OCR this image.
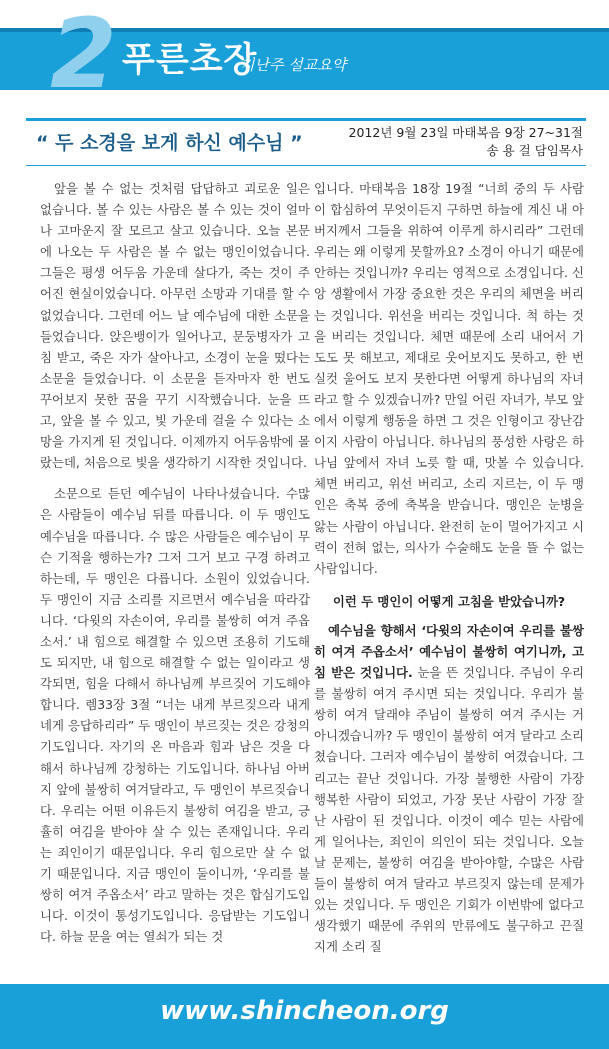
2 푸른초장
지난주 설교요약
“ 두 소경을 보게 하신 예수님 ”	2012년 9월 23일 마태복음 9장 27~31절
송 용 걸 담임목사

앞을 볼 수 없는 것처럼 답답하고 괴로운 일은 없습니다. 볼 수 있는 사람은 볼 수 있는 것이 얼마나 고마운지 잘 모르고 살고 있습니다. 오늘 본문에 나오는 두 사람은 볼 수 없는 맹인이었습니다. 그들은 평생 어두움 가운데 살다가, 죽는 것이 주어진 현실이었습니다. 아무런 소망과 기대를 할 수 없었습니다. 그런데 어느 날 예수님에 대한 소문을 들었습니다. 앉은뱅이가 일어나고, 문둥병자가 고침 받고, 죽은 자가 살아나고, 소경이 눈을 떴다는 소문을 들었습니다. 이 소문을 듣자마자 한 번도 꾸어보지 못한 꿈을 꾸기 시작했습니다. 눈을 뜨고, 앞을 볼 수 있고, 빛 가운데 걸을 수 있다는 소망을 가지게 된 것입니다. 이제까지 어두움밖에 몰랐는데, 처음으로 빛을 생각하기 시작한 것입니다.

소문으로 듣던 예수님이 나타나셨습니다. 수많은 사람들이 예수님 뒤를 따릅니다. 이 두 맹인도 예수님을 따릅니다. 수 많은 사람들은 예수님이 무슨 기적을 행하는가? 그저 그거 보고 구경 하려고 하는데, 두 맹인은 다릅니다. 소원이 있었습니다. 두 맹인이 지금 소리를 지르면서 예수님을 따라갑니다. ‘다윗의 자손이여, 우리를 불쌍히 여겨 주옵소서.’ 내 힘으로 해결할 수 있으면 조용히 기도해도 되지만, 내 힘으로 해결할 수 없는 일이라고 생각되면, 힘을 다해서 하나님께 부르짖어 기도해야 합니다. 렘33장 3절 “너는 내게 부르짖으라 내게 네게 응답하리라” 두 맹인이 부르짖는 것은 강청의 기도입니다. 자기의 온 마음과 힘과 남은 것을 다해서 하나님께 강청하는 기도입니다. 하나님 아버지 앞에 불쌍히 여겨달라고, 두 맹인이 부르짖습니다. 우리는 어떤 이유든지 불쌍히 여김을 받고, 긍휼히 여김을 받아야 살 수 있는 존재입니다. 우리는 죄인이기 때문입니다. 우리 힘으로만 살 수 없기 때문입니다. 지금 맹인이 둘이니까, ‘우리를 불쌍히 여겨 주옵소서’ 라고 말하는 것은 합심기도입니다. 이것이 통성기도입니다. 응답받는 기도입니다. 하늘 문을 여는 열쇠가 되는 것

입니다. 마태복음 18장 19절 “너희 중의 두 사람이 합심하여 무엇이든지 구하면 하늘에 계신 내 아버지께서 그들을 위하여 이루게 하시리라” 그런데 우리는 왜 이렇게 못할까요? 소경이 아니기 때문에 안하는 것입니까? 우리는 영적으로 소경입니다. 신앙 생활에서 가장 중요한 것은 우리의 체면을 버리는 것입니다. 위선을 버리는 것입니다. 척 하는 것을 버리는 것입니다. 체면 때문에 소리 내어서 기도도 못 해보고, 제대로 웃어보지도 못하고, 한 번 실컷 울어도 보지 못한다면 어떻게 하나님의 자녀라고 할 수 있겠습니까? 만일 어린 자녀가, 부모 앞에서 이렇게 행동을 하면 그 것은 인형이고 장난감이지 사람이 아닙니다. 하나님의 풍성한 사랑은 하나님 앞에서 자녀 노릇 할 때, 맛볼 수 있습니다. 체면 버리고, 위선 버리고, 소리 지르는, 이 두 맹인은 축복 중에 축복을 받습니다. 맹인은 눈병을 앓는 사람이 아닙니다. 완전히 눈이 멀어가지고 시력이 전혀 없는, 의사가 수술해도 눈을 뜰 수 없는 사람입니다.

이런 두 맹인이 어떻게 고침을 받았습니까?

예수님을 향해서 ‘다윗의 자손이여 우리를 불쌍히 여겨 주옵소서’ 예수님이 불쌍히 여기니까, 고침 받은 것입니다. 눈을 뜬 것입니다. 주님이 우리를 불쌍히 여겨 주시면 되는 것입니다. 우리가 불쌍히 여겨 달래야 주님이 불쌍히 여겨 주시는 거 아니겠습니까? 두 맹인이 불쌍히 여겨 달라고 소리쳤습니다. 그러자 예수님이 불쌍히 여겼습니다. 그리고는 끝난 것입니다. 가장 불행한 사람이 가장 행복한 사람이 되었고, 가장 못난 사람이 가장 잘난 사람이 된 것입니다. 이것이 예수 믿는 사람에게 일어나는, 죄인이 의인이 되는 것입니다. 오늘날 문제는, 불쌍히 여김을 받아야할, 수많은 사람들이 불쌍히 여겨 달라고 부르짖지 않는데 문제가 있는 것입니다. 두 맹인은 기회가 이번밖에 없다고 생각했기 때문에 주위의 만류에도 불구하고 끈질지게 소리 질

www.shincheon.org
